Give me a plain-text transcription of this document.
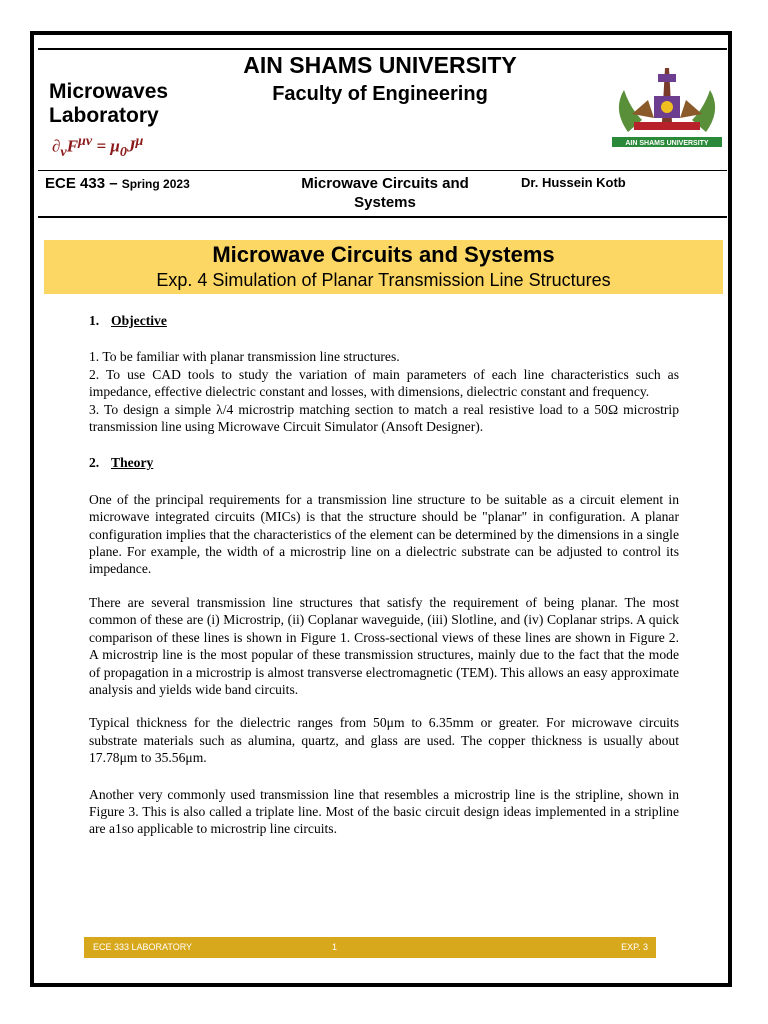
Microwaves
Laboratory
$\partial_\nu F^{\mu\nu} = \mu_0J^\mu$
AIN SHAMS UNIVERSITY
Faculty of Engineering
ECE 433 – Spring 2023	Microwave Circuits and
Systems
Dr. Hussein Kotb
AIN SHAMS UNIVERSITY
Microwave Circuits and Systems
Exp. 4 Simulation of Planar Transmission Line Structures

1. Objective

1. To be familiar with planar transmission line structures.

2. To use CAD tools to study the variation of main parameters of each line characteristics such as impedance, effective dielectric constant and losses, with dimensions, dielectric constant and frequency.

3. To design a simple λ/4 microstrip matching section to match a real resistive load to a 50Ω microstrip transmission line using Microwave Circuit Simulator (Ansoft Designer).

2. Theory

One of the principal requirements for a transmission line structure to be suitable as a circuit element in microwave integrated circuits (MICs) is that the structure should be "planar" in configuration. A planar configuration implies that the characteristics of the element can be determined by the dimensions in a single plane. For example, the width of a microstrip line on a dielectric substrate can be adjusted to control its impedance.

There are several transmission line structures that satisfy the requirement of being planar. The most common of these are (i) Microstrip, (ii) Coplanar waveguide, (iii) Slotline, and (iv) Coplanar strips. A quick comparison of these lines is shown in Figure 1. Cross-sectional views of these lines are shown in Figure 2. A microstrip line is the most popular of these transmission structures, mainly due to the fact that the mode of propagation in a microstrip is almost transverse electromagnetic (TEM). This allows an easy approximate analysis and yields wide band circuits.

Typical thickness for the dielectric ranges from 50μm to 6.35mm or greater. For microwave circuits substrate materials such as alumina, quartz, and glass are used. The copper thickness is usually about 17.78μm to 35.56μm.

Another very commonly used transmission line that resembles a microstrip line is the stripline, shown in Figure 3. This is also called a triplate line. Most of the basic circuit design ideas implemented in a stripline are a1so applicable to microstrip line circuits.

ECE 333 LABORATORY	1	EXP. 3
